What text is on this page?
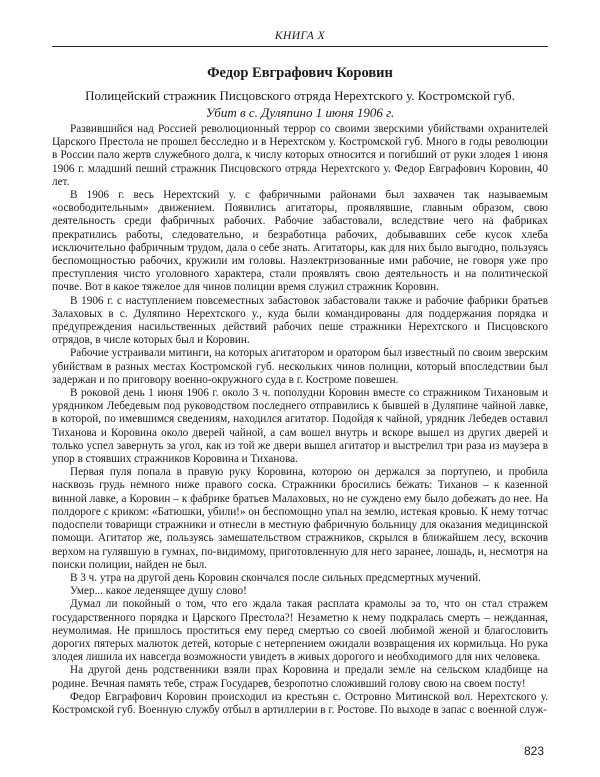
КНИГА X
Федор Евграфович Коровин
Полицейский стражник Писцовского отряда Нерехтского у. Костромской губ.
Убит в с. Дуляпино 1 июня 1906 г.

Развившийся над Россией революционный террор со своими зверскими убийствами охранителей Царского Престола не прошел бесследно и в Нерехтском у. Костромской губ. Много в годы революции в России пало жертв служебного долга, к числу которых относится и погибший от руки злодея 1 июня 1906 г. младший пеший стражник Писцовского отряда Нерехтского у. Федор Евграфович Коровин, 40 лет.

В 1906 г. весь Нерехтский у. с фабричными районами был захвачен так называемым «освободительным» движением. Появились агитаторы, проявлявшие, главным образом, свою деятельность среди фабричных рабочих. Рабочие забастовали, вследствие чего на фабриках прекратились работы, следовательно, и безработица рабочих, добывавших себе кусок хлеба исключительно фабричным трудом, дала о себе знать. Агитаторы, как для них было выгодно, пользуясь беспомощностью рабочих, кружили им головы. Наэлектризованные ими рабочие, не говоря уже про преступления чисто уголовного характера, стали проявлять свою деятельность и на политической почве. Вот в какое тяжелое для чинов полиции время служил стражник Коровин.

В 1906 г. с наступлением повсеместных забастовок забастовали также и рабочие фабрики братьев Залаховых в с. Дуляпино Нерехтского у., куда были командированы для поддержания порядка и предупреждения насильственных действий рабочих пеше стражники Нерехтского и Писцовского отрядов, в числе которых был и Коровин.

Рабочие устраивали митинги, на которых агитатором и оратором был известный по своим зверским убийствам в разных местах Костромской губ. нескольких чинов полиции, который впоследствии был задержан и по приговору военно-окружного суда в г. Костроме повешен.

В роковой день 1 июня 1906 г. около 3 ч. пополудни Коровин вместе со стражником Тихановым и урядником Лебедевым под руководством последнего отправились к бывшей в Дуляпине чайной лавке, в которой, по имевшимся сведениям, находился агитатор. Подойдя к чайной, урядник Лебедев оставил Тиханова и Коровина около дверей чайной, а сам вошел внутрь и вскоре вышел из других дверей и только успел завернуть за угол, как из той же двери вышел агитатор и выстрелил три раза из маузера в упор в стоявших стражников Коровина и Тиханова.

Первая пуля попала в правую руку Коровина, которою он держался за портупею, и пробила насквозь грудь немного ниже правого соска. Стражники бросились бежать: Тиханов – к казенной винной лавке, а Коровин – к фабрике братьев Малаховых, но не суждено ему было добежать до нее. На полдороге с криком: «Батюшки, убили!» он беспомощно упал на землю, истекая кровью. К нему тотчас подоспели товарищи стражники и отнесли в местную фабричную больницу для оказания медицинской помощи. Агитатор же, пользуясь замешательством стражников, скрылся в ближайшем лесу, вскочив верхом на гулявшую в гумнах, по-видимому, приготовленную для него заранее, лошадь, и, несмотря на поиски полиции, найден не был.

В 3 ч. утра на другой день Коровин скончался после сильных предсмертных мучений.

Умер... какое леденящее душу слово!

Думал ли покойный о том, что его ждала такая расплата крамолы за то, что он стал стражем государственного порядка и Царского Престола?! Незаметно к нему подкралась смерть – нежданная, неумолимая. Не пришлось проститься ему перед смертью со своей любимой женой и благословить дорогих пятерых малюток детей, которые с нетерпением ожидали возвращения их кормильца. Но рука злодея лишила их навсегда возможности увидеть в живых дорогого и необходимого для них человека.

На другой день родственники взяли прах Коровина и предали земле на сельском кладбище на родине. Вечная память тебе, страж Государев, безропотно сложивший голову свою на своем посту!

Федор Евграфович Коровин происходил из крестьян с. Островно Митинской вол. Нерехтского у. Костромской губ. Военную службу отбыл в артиллерии в г. Ростове. По выходе в запас с военной служ-

823
